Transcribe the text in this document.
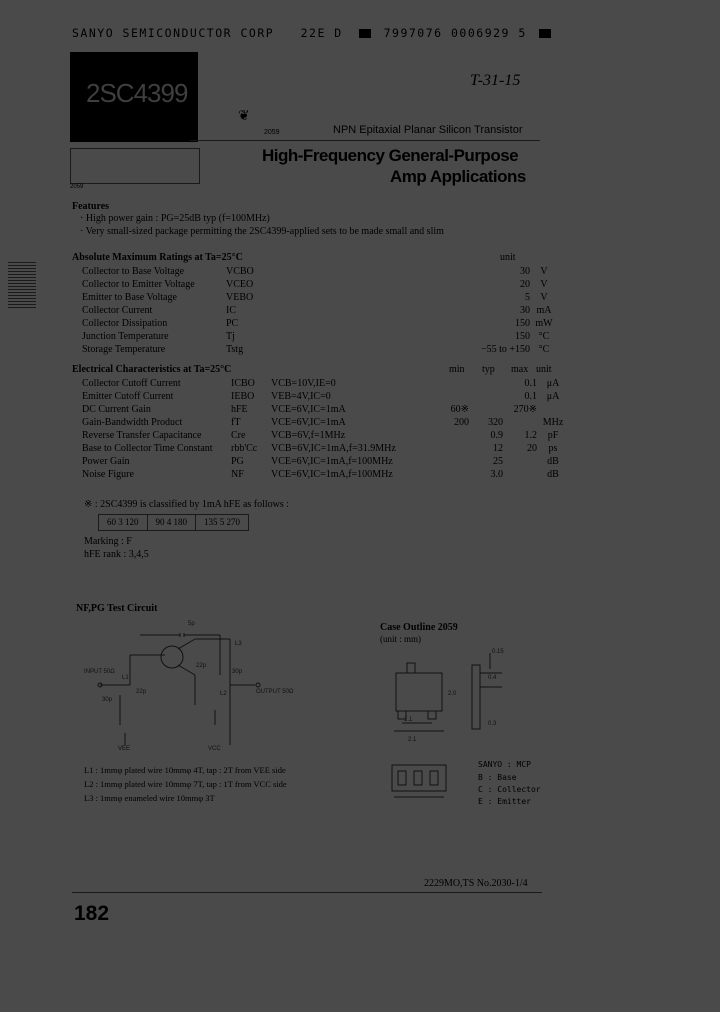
SANYO SEMICONDUCTOR CORP 22E D	7997076 0006929 5
T-31-15
2SC4399
2059
❦
2059	NPN Epitaxial Planar Silicon Transistor
High-Frequency General-Purpose
Amp Applications
Features
· High power gain : PG=25dB typ (f=100MHz)
· Very small-sized package permitting the 2SC4399-applied sets to be made small and slim
Absolute Maximum Ratings at Ta=25°C	unit
Collector to Base Voltage	VCBO	30	V
Collector to Emitter Voltage	VCEO	20	V
Emitter to Base Voltage	VEBO	5	V
Collector Current	IC	30	mA
Collector Dissipation	PC	150	mW
Junction Temperature	Tj	150	°C
Storage Temperature	Tstg	−55 to +150	°C
Electrical Characteristics at Ta=25°C	min typ max unit
Collector Cutoff Current	ICBO	VCB=10V,IE=0			0.1	μA
Emitter Cutoff Current	IEBO	VEB=4V,IC=0			0.1	μA
DC Current Gain	hFE	VCE=6V,IC=1mA	60※		270※	
Gain-Bandwidth Product	fT	VCE=6V,IC=1mA	200	320		MHz
Reverse Transfer Capacitance	Cre	VCB=6V,f=1MHz		0.9	1.2	pF
Base to Collector Time Constant	rbb'Cc	VCB=6V,IC=1mA,f=31.9MHz		12	20	ps
Power Gain	PG	VCE=6V,IC=1mA,f=100MHz		25		dB
Noise Figure	NF	VCE=6V,IC=1mA,f=100MHz		3.0		dB
※ : 2SC4399 is classified by 1mA hFE as follows :
60 3 120	90 4 180	135 5 270
Marking : F
hFE rank : 3,4,5
NF,PG Test Circuit
INPUT 50Ω
OUTPUT 50Ω
5p
22p
30p
30p
22p
L1
L2
L3
VEE	VCC
L1 : 1mmφ plated wire 10mmφ 4T, tap : 2T from VEE side
L2 : 1mmφ plated wire 10mmφ 7T, tap : 1T from VCC side
L3 : 1mmφ enameled wire 10mmφ 3T
Case Outline 2059
(unit : mm)
0.15
0.4
0.3
1.1
2.1
2.0
SANYO : MCP
B : Base
C : Collector
E : Emitter
2229MO,TS No.2030-1/4
182
